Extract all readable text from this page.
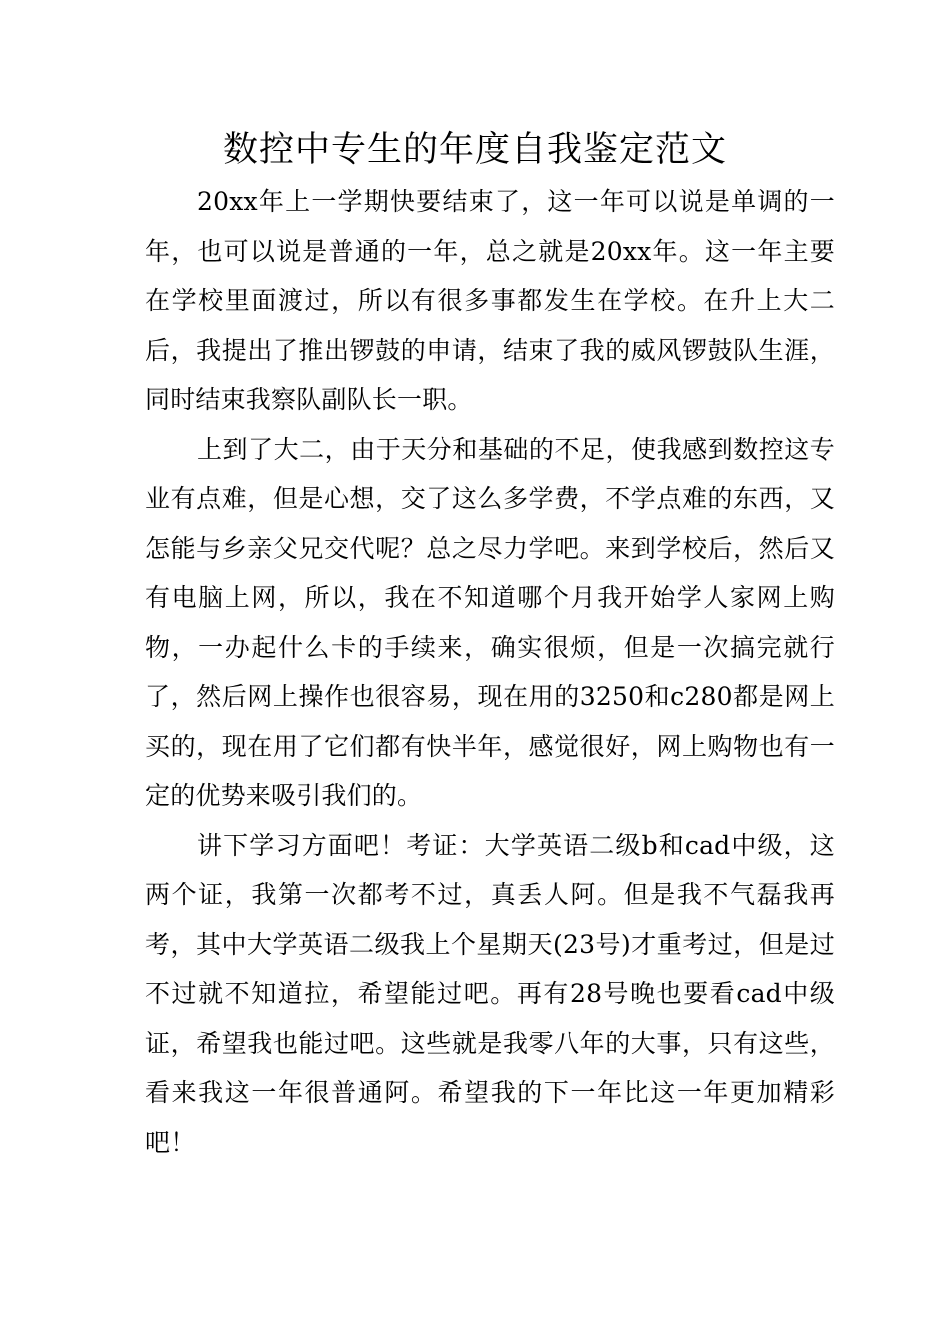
数控中专生的年度自我鉴定范文

20xx年上一学期快要结束了，这一年可以说是单调的一年，也可以说是普通的一年，总之就是20xx年。这一年主要在学校里面渡过，所以有很多事都发生在学校。在升上大二后，我提出了推出锣鼓的申请，结束了我的威风锣鼓队生涯，同时结束我察队副队长一职。

上到了大二，由于天分和基础的不足，使我感到数控这专业有点难，但是心想，交了这么多学费，不学点难的东西，又怎能与乡亲父兄交代呢？总之尽力学吧。来到学校后，然后又有电脑上网，所以，我在不知道哪个月我开始学人家网上购物，一办起什么卡的手续来，确实很烦，但是一次搞完就行了，然后网上操作也很容易，现在用的3250和c280都是网上买的，现在用了它们都有快半年，感觉很好，网上购物也有一定的优势来吸引我们的。

讲下学习方面吧！考证：大学英语二级b和cad中级，这两个证，我第一次都考不过，真丢人阿。但是我不气磊我再考，其中大学英语二级我上个星期天(23号)才重考过，但是过不过就不知道拉，希望能过吧。再有28号晚也要看cad中级证，希望我也能过吧。这些就是我零八年的大事，只有这些，看来我这一年很普通阿。希望我的下一年比这一年更加精彩吧！
